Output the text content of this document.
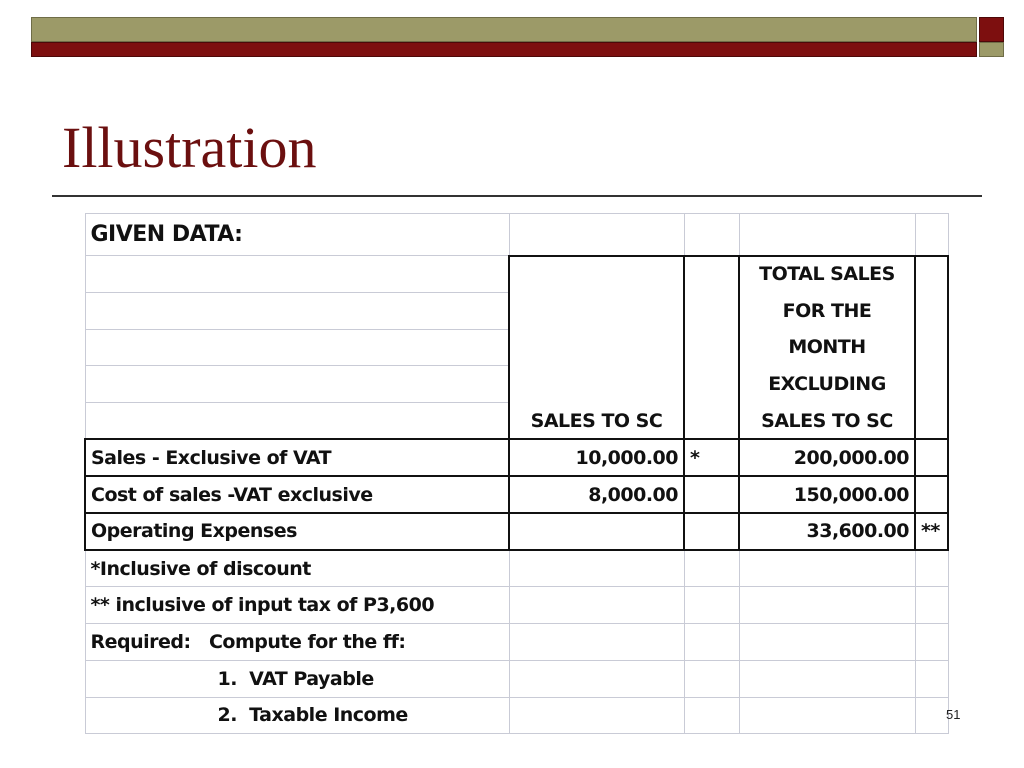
Illustration
GIVEN DATA:				
			TOTAL SALES	
			FOR THE	
			MONTH	
			EXCLUDING	
	SALES TO SC		SALES TO SC	
Sales - Exclusive of VAT	10,000.00	*	200,000.00	
Cost of sales -VAT exclusive	8,000.00		150,000.00	
Operating Expenses			33,600.00	**
*Inclusive of discount				
** inclusive of input tax of P3,600				
Required:   Compute for the ff:				
1.  VAT Payable				
2.  Taxable Income					51
